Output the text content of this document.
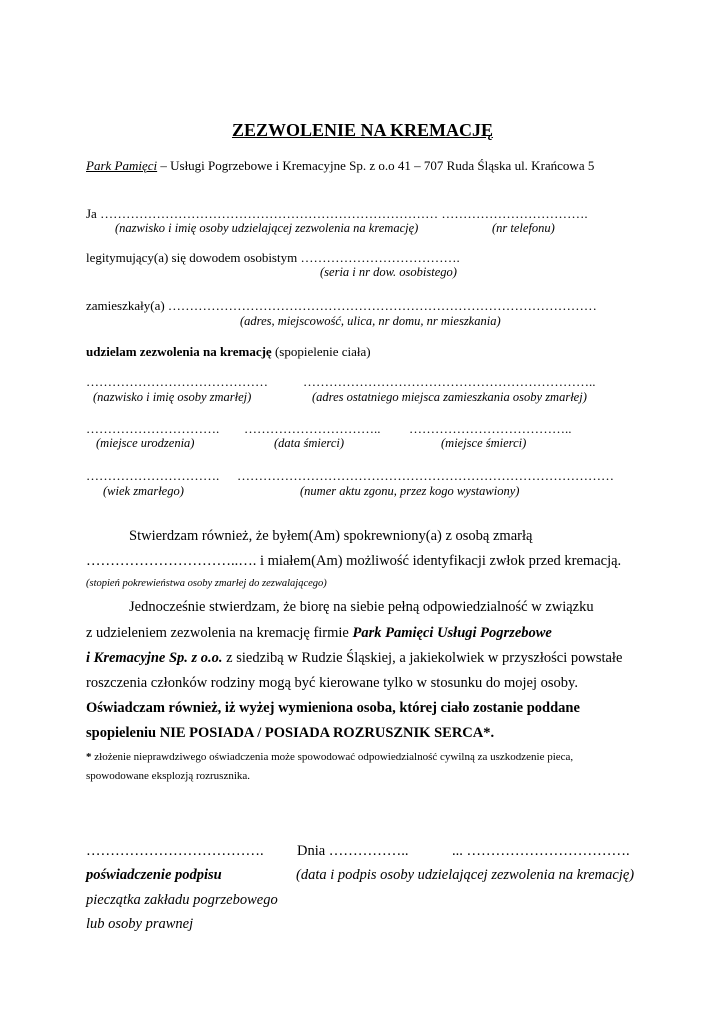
ZEZWOLENIE NA KREMACJĘ
Park Pamięci – Usługi Pogrzebowe i Kremacyjne Sp. z o.o 41 – 707 Ruda Śląska ul. Krańcowa 5
Ja …………………………………………………………………… …………………………….
(nazwisko i imię osoby udzielającej zezwolenia na kremację)	(nr telefonu)
legitymujący(a) się dowodem osobistym ……………………………….
(seria i nr dow. osobistego)
zamieszkały(a) ………………………………………………………………………………………
(adres, miejscowość, ulica, nr domu, nr mieszkania)
udzielam zezwolenia na kremację (spopielenie ciała)
……………………………………	…………………………………………………………..
(nazwisko i imię osoby zmarłej)	(adres ostatniego miejsca zamieszkania osoby zmarłej)
…………………………. ………………………….. ………………………………..
(miejsce urodzenia)	(data śmierci)	(miejsce śmierci)
…………………………. ……………………………………………………………………………
(wiek zmarłego)	(numer aktu zgonu, przez kogo wystawiony)
Stwierdzam również, że byłem(Am) spokrewniony(a) z osobą zmarłą
…………………………..…. i miałem(Am) możliwość identyfikacji zwłok przed kremacją.
(stopień pokrewieństwa osoby zmarłej do zezwalającego)
Jednocześnie stwierdzam, że biorę na siebie pełną odpowiedzialność w związku
z udzieleniem zezwolenia na kremację firmie Park Pamięci Usługi Pogrzebowe
i Kremacyjne Sp. z o.o. z siedzibą w Rudzie Śląskiej, a jakiekolwiek w przyszłości powstałe
roszczenia członków rodziny mogą być kierowane tylko w stosunku do mojej osoby.
Oświadczam również, iż wyżej wymieniona osoba, której ciało zostanie poddane
spopieleniu NIE POSIADA / POSIADA ROZRUSZNIK SERCA*.
* złożenie nieprawdziwego oświadczenia może spowodować odpowiedzialność cywilną za uszkodzenie pieca,
spowodowane eksplozją rozrusznika.
………………………………. Dnia ……………..	... …………………………….
poświadczenie podpisu	(data i podpis osoby udzielającej zezwolenia na kremację)
pieczątka zakładu pogrzebowego
lub osoby prawnej
